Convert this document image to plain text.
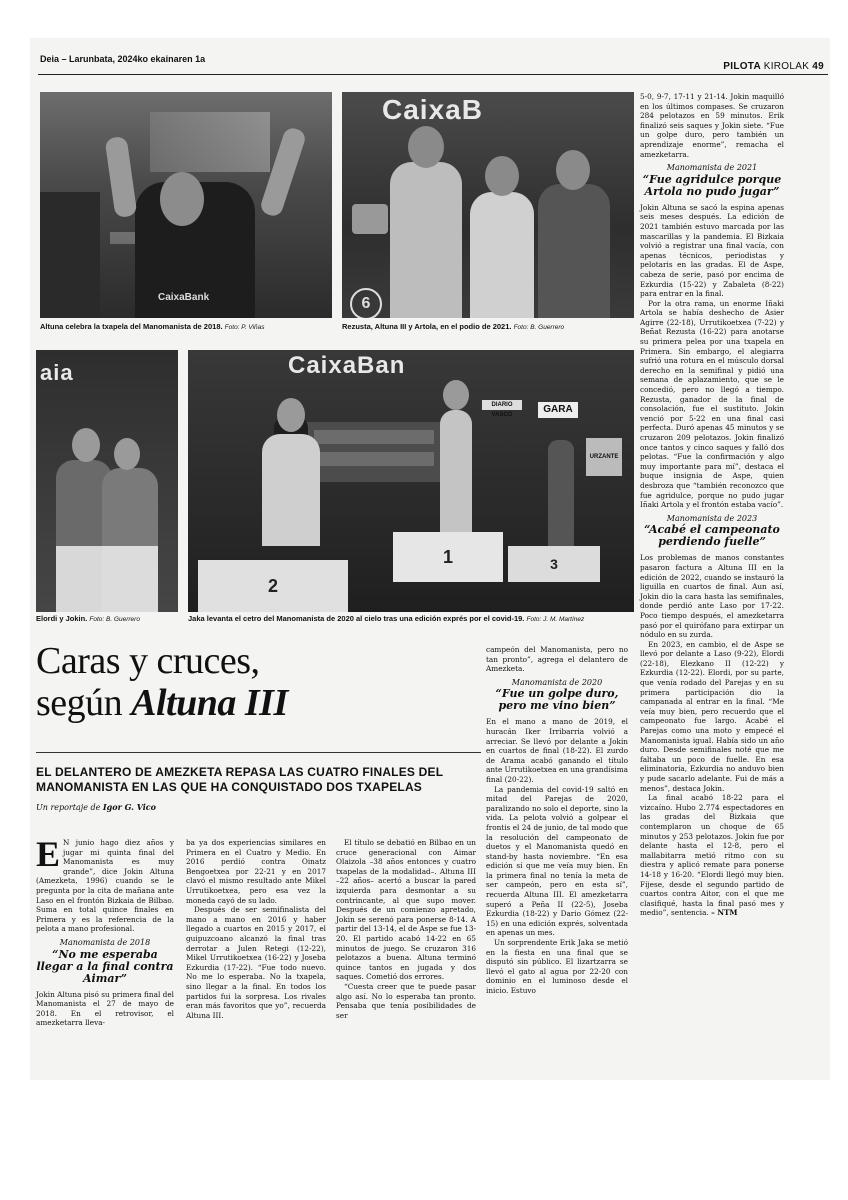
Deia – Larunbata, 2024ko ekainaren 1a
PILOTA KIROLAK 49
CaixaBank
Altuna celebra la txapela del Manomanista de 2018. Foto: P. Viñas
CaixaB
6
Rezusta, Altuna III y Artola, en el podio de 2021. Foto: B. Guerrero
aia
Elordi y Jokin. Foto: B. Guerrero
CaixaBan
DIARIO VASCO	GARA
URZANTE
2
1	3
Jaka levanta el cetro del Manomanista de 2020 al cielo tras una edición exprés por el covid-19. Foto: J. M. Martínez
Caras y cruces,
según Altuna III
EL DELANTERO DE AMEZKETA REPASA LAS CUATRO FINALES DEL MANOMANISTA EN LAS QUE HA CONQUISTADO DOS TXAPELAS
Un reportaje de Igor G. Vico

E N junio hago diez años y jugar mi quinta final del Manomanista es muy grande”, dice Jokin Altuna (Amezketa, 1996) cuando se le pregunta por la cita de mañana ante Laso en el frontón Bizkaia de Bilbao. Suma en total quince finales en Primera y es la referencia de la pelota a mano profesional.

Manomanista de 2018
“No me esperaba llegar a la final contra Aimar”

Jokin Altuna pisó su primera final del Manomanista el 27 de mayo de 2018. En el retrovisor, el amezketarra lleva-

ba ya dos experiencias similares en Primera en el Cuatro y Medio. En 2016 perdió contra Oinatz Bengoetxea por 22-21 y en 2017 clavó el mismo resultado ante Mikel Urrutikoetxea, pero esa vez la moneda cayó de su lado.

Después de ser semifinalista del mano a mano en 2016 y haber llegado a cuartos en 2015 y 2017, el guipuzcoano alcanzó la final tras derrotar a Julen Retegi (12-22), Mikel Urrutikoetxea (16-22) y Joseba Ezkurdia (17-22). “Fue todo nuevo. No me lo esperaba. No la txapela, sino llegar a la final. En todos los partidos fui la sorpresa. Los rivales eran más favoritos que yo”, recuerda Altuna III.

El título se debatió en Bilbao en un cruce generacional con Aimar Olaizola –38 años entonces y cuatro txapelas de la modalidad–. Altuna III –22 años– acertó a buscar la pared izquierda para desmontar a su contrincante, al que supo mover. Después de un comienzo apretado, Jokin se serenó para ponerse 8-14. A partir del 13-14, el de Aspe se fue 13-20. El partido acabó 14-22 en 65 minutos de juego. Se cruzaron 316 pelotazos a buena. Altuna terminó quince tantos en jugada y dos saques. Cometió dos errores.

“Cuesta creer que te puede pasar algo así. No lo esperaba tan pronto. Pensaba que tenía posibilidades de ser

campeón del Manomanista, pero no tan pronto”, agrega el delantero de Amezketa.

Manomanista de 2020
“Fue un golpe duro, pero me vino bien”

En el mano a mano de 2019, el huracán Iker Irribarria volvió a arreciar. Se llevó por delante a Jokin en cuartos de final (18-22). El zurdo de Arama acabó ganando el título ante Urrutikoetxea en una grandísima final (20-22).

La pandemia del covid-19 saltó en mitad del Parejas de 2020, paralizando no solo el deporte, sino la vida. La pelota volvió a golpear el frontis el 24 de junio, de tal modo que la resolución del campeonato de duetos y el Manomanista quedó en stand-by hasta noviembre. “En esa edición sí que me veía muy bien. En la primera final no tenía la meta de ser campeón, pero en esta sí”, recuerda Altuna III. El amezketarra superó a Peña II (22-5), Joseba Ezkurdia (18-22) y Dario Gómez (22-15) en una edición exprés, solventada en apenas un mes.

Un sorprendente Erik Jaka se metió en la fiesta en una final que se disputó sin público. El lizartzarra se llevó el gato al agua por 22-20 con dominio en el luminoso desde el inicio. Estuvo

5-0, 9-7, 17-11 y 21-14. Jokin maquilló en los últimos compases. Se cruzaron 284 pelotazos en 59 minutos. Erik finalizó seis saques y Jokin siete. “Fue un golpe duro, pero también un aprendizaje enorme”, remacha el amezketarra.

Manomanista de 2021
“Fue agridulce porque Artola no pudo jugar”

Jokin Altuna se sacó la espina apenas seis meses después. La edición de 2021 también estuvo marcada por las mascarillas y la pandemia. El Bizkaia volvió a registrar una final vacía, con apenas técnicos, periodistas y pelotaris en las gradas. El de Aspe, cabeza de serie, pasó por encima de Ezkurdia (15-22) y Zabaleta (8-22) para entrar en la final.

Por la otra rama, un enorme Iñaki Artola se había deshecho de Asier Agirre (22-18), Urrutikoetxea (7-22) y Beñat Rezusta (16-22) para anotarse su primera pelea por una txapela en Primera. Sin embargo, el alegiarra sufrió una rotura en el músculo dorsal derecho en la semifinal y pidió una semana de aplazamiento, que se le concedió, pero no llegó a tiempo. Rezusta, ganador de la final de consolación, fue el sustituto. Jokin venció por 5-22 en una final casi perfecta. Duró apenas 45 minutos y se cruzaron 209 pelotazos. Jokin finalizó once tantos y cinco saques y falló dos pelotas. “Fue la confirmación y algo muy importante para mí”, destaca el buque insignia de Aspe, quien desbroza que “también reconozco que fue agridulce, porque no pudo jugar Iñaki Artola y el frontón estaba vacío”.

Manomanista de 2023
“Acabé el campeonato perdiendo fuelle”

Los problemas de manos constantes pasaron factura a Altuna III en la edición de 2022, cuando se instauró la liguilla en cuartos de final. Aun así, Jokin dio la cara hasta las semifinales, donde perdió ante Laso por 17-22. Poco tiempo después, el amezketarra pasó por el quirófano para extirpar un nódulo en su zurda.

En 2023, en cambio, el de Aspe se llevó por delante a Laso (9-22), Elordi (22-18), Elezkano II (12-22) y Ezkurdia (12-22). Elordi, por su parte, que venía rodado del Parejas y en su primera participación dio la campanada al entrar en la final. “Me veía muy bien, pero recuerdo que el campeonato fue largo. Acabé el Parejas como una moto y empecé el Manomanista igual. Había sido un año duro. Desde semifinales noté que me faltaba un poco de fuelle. En esa eliminatoria, Ezkurdia no anduvo bien y pude sacarlo adelante. Fui de más a menos”, destaca Jokin.

La final acabó 18-22 para el vizcaíno. Hubo 2.774 espectadores en las gradas del Bizkaia que contemplaron un choque de 65 minutos y 253 pelotazos. Jokin fue por delante hasta el 12-8, pero el mallabitarra metió ritmo con su diestra y aplicó remate para ponerse 14-18 y 16-20. “Elordi llegó muy bien. Fíjese, desde el segundo partido de cuartos contra Aitor, con el que me clasifiqué, hasta la final pasó mes y medio”, sentencia. – NTM
